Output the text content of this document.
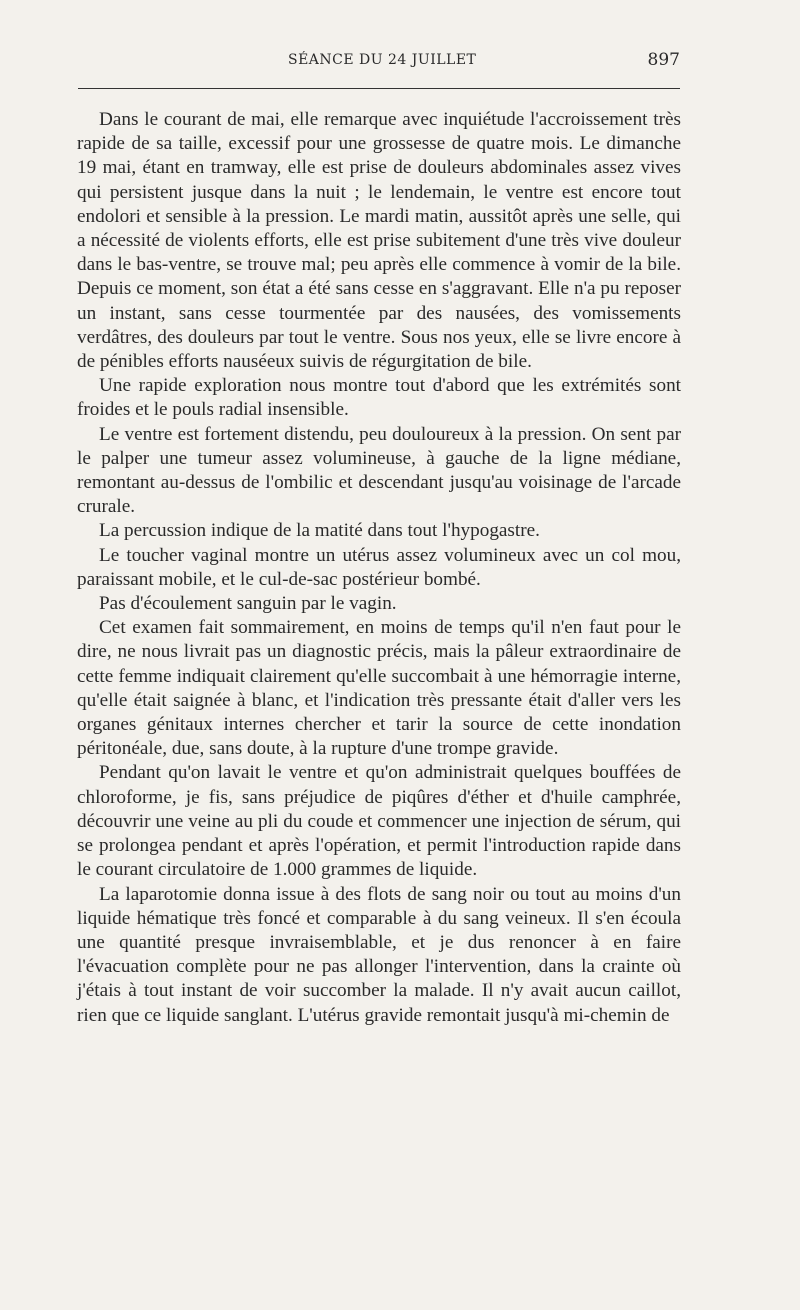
SÉANCE DU 24 JUILLET	897

Dans le courant de mai, elle remarque avec inquiétude l'accroissement très rapide de sa taille, excessif pour une grossesse de quatre mois. Le dimanche 19 mai, étant en tramway, elle est prise de douleurs abdominales assez vives qui persistent jusque dans la nuit ; le lendemain, le ventre est encore tout endolori et sensible à la pression. Le mardi matin, aussitôt après une selle, qui a nécessité de violents efforts, elle est prise subitement d'une très vive douleur dans le bas-ventre, se trouve mal; peu après elle commence à vomir de la bile. Depuis ce moment, son état a été sans cesse en s'aggravant. Elle n'a pu reposer un instant, sans cesse tourmentée par des nausées, des vomissements verdâtres, des douleurs par tout le ventre. Sous nos yeux, elle se livre encore à de pénibles efforts nauséeux suivis de régurgitation de bile.

Une rapide exploration nous montre tout d'abord que les extrémités sont froides et le pouls radial insensible.

Le ventre est fortement distendu, peu douloureux à la pression. On sent par le palper une tumeur assez volumineuse, à gauche de la ligne médiane, remontant au-dessus de l'ombilic et descendant jusqu'au voisinage de l'arcade crurale.

La percussion indique de la matité dans tout l'hypogastre.

Le toucher vaginal montre un utérus assez volumineux avec un col mou, paraissant mobile, et le cul-de-sac postérieur bombé.

Pas d'écoulement sanguin par le vagin.

Cet examen fait sommairement, en moins de temps qu'il n'en faut pour le dire, ne nous livrait pas un diagnostic précis, mais la pâleur extraordinaire de cette femme indiquait clairement qu'elle succombait à une hémorragie interne, qu'elle était saignée à blanc, et l'indication très pressante était d'aller vers les organes génitaux internes chercher et tarir la source de cette inondation péritonéale, due, sans doute, à la rupture d'une trompe gravide.

Pendant qu'on lavait le ventre et qu'on administrait quelques bouffées de chloroforme, je fis, sans préjudice de piqûres d'éther et d'huile camphrée, découvrir une veine au pli du coude et commencer une injection de sérum, qui se prolongea pendant et après l'opération, et permit l'introduction rapide dans le courant circulatoire de 1.000 grammes de liquide.

La laparotomie donna issue à des flots de sang noir ou tout au moins d'un liquide hématique très foncé et comparable à du sang veineux. Il s'en écoula une quantité presque invraisemblable, et je dus renoncer à en faire l'évacuation complète pour ne pas allonger l'intervention, dans la crainte où j'étais à tout instant de voir succomber la malade. Il n'y avait aucun caillot, rien que ce liquide sanglant. L'utérus gravide remontait jusqu'à mi-chemin de
